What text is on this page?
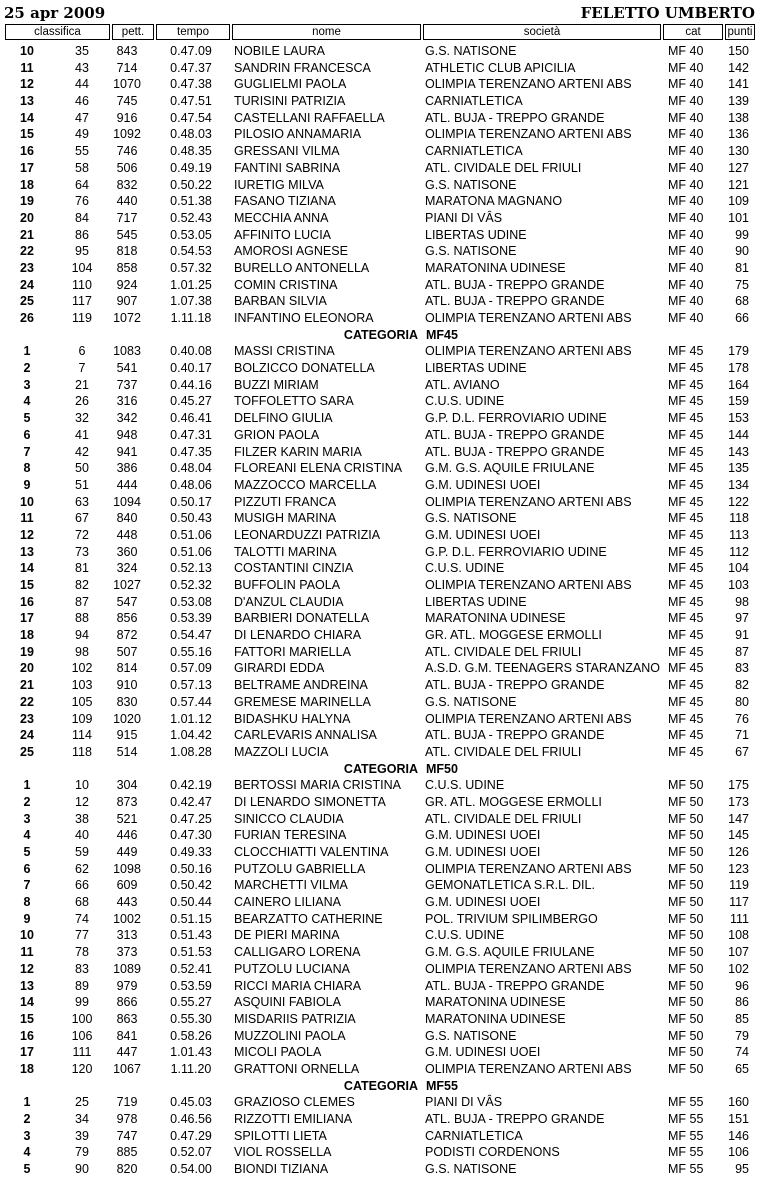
25 apr 2009	FELETTO UMBERTO
classifica	pett.	tempo	nome	società	cat	punti
10	35	843	0.47.09	NOBILE LAURA	G.S. NATISONE	MF 40	150
11	43	714	0.47.37	SANDRIN FRANCESCA	ATHLETIC CLUB APICILIA	MF 40	142
12	44	1070	0.47.38	GUGLIELMI PAOLA	OLIMPIA TERENZANO ARTENI ABS	MF 40	141
13	46	745	0.47.51	TURISINI PATRIZIA	CARNIATLETICA	MF 40	139
14	47	916	0.47.54	CASTELLANI RAFFAELLA	ATL. BUJA - TREPPO GRANDE	MF 40	138
15	49	1092	0.48.03	PILOSIO ANNAMARIA	OLIMPIA TERENZANO ARTENI ABS	MF 40	136
16	55	746	0.48.35	GRESSANI VILMA	CARNIATLETICA	MF 40	130
17	58	506	0.49.19	FANTINI SABRINA	ATL. CIVIDALE DEL FRIULI	MF 40	127
18	64	832	0.50.22	IURETIG MILVA	G.S. NATISONE	MF 40	121
19	76	440	0.51.38	FASANO TIZIANA	MARATONA MAGNANO	MF 40	109
20	84	717	0.52.43	MECCHIA ANNA	PIANI DI VÂS	MF 40	101
21	86	545	0.53.05	AFFINITO LUCIA	LIBERTAS UDINE	MF 40	99
22	95	818	0.54.53	AMOROSI AGNESE	G.S. NATISONE	MF 40	90
23	104	858	0.57.32	BURELLO ANTONELLA	MARATONINA UDINESE	MF 40	81
24	110	924	1.01.25	COMIN CRISTINA	ATL. BUJA - TREPPO GRANDE	MF 40	75
25	117	907	1.07.38	BARBAN SILVIA	ATL. BUJA - TREPPO GRANDE	MF 40	68
26	119	1072	1.11.18	INFANTINO ELEONORA	OLIMPIA TERENZANO ARTENI ABS	MF 40	66
CATEGORIA MF45
1	6	1083	0.40.08	MASSI CRISTINA	OLIMPIA TERENZANO ARTENI ABS	MF 45	179
2	7	541	0.40.17	BOLZICCO DONATELLA	LIBERTAS UDINE	MF 45	178
3	21	737	0.44.16	BUZZI MIRIAM	ATL. AVIANO	MF 45	164
4	26	316	0.45.27	TOFFOLETTO SARA	C.U.S. UDINE	MF 45	159
5	32	342	0.46.41	DELFINO GIULIA	G.P. D.L. FERROVIARIO UDINE	MF 45	153
6	41	948	0.47.31	GRION PAOLA	ATL. BUJA - TREPPO GRANDE	MF 45	144
7	42	941	0.47.35	FILZER KARIN MARIA	ATL. BUJA - TREPPO GRANDE	MF 45	143
8	50	386	0.48.04	FLOREANI ELENA CRISTINA	G.M. G.S. AQUILE FRIULANE	MF 45	135
9	51	444	0.48.06	MAZZOCCO MARCELLA	G.M. UDINESI UOEI	MF 45	134
10	63	1094	0.50.17	PIZZUTI FRANCA	OLIMPIA TERENZANO ARTENI ABS	MF 45	122
11	67	840	0.50.43	MUSIGH MARINA	G.S. NATISONE	MF 45	118
12	72	448	0.51.06	LEONARDUZZI PATRIZIA	G.M. UDINESI UOEI	MF 45	113
13	73	360	0.51.06	TALOTTI MARINA	G.P. D.L. FERROVIARIO UDINE	MF 45	112
14	81	324	0.52.13	COSTANTINI CINZIA	C.U.S. UDINE	MF 45	104
15	82	1027	0.52.32	BUFFOLIN PAOLA	OLIMPIA TERENZANO ARTENI ABS	MF 45	103
16	87	547	0.53.08	D'ANZUL CLAUDIA	LIBERTAS UDINE	MF 45	98
17	88	856	0.53.39	BARBIERI DONATELLA	MARATONINA UDINESE	MF 45	97
18	94	872	0.54.47	DI LENARDO CHIARA	GR. ATL. MOGGESE ERMOLLI	MF 45	91
19	98	507	0.55.16	FATTORI MARIELLA	ATL. CIVIDALE DEL FRIULI	MF 45	87
20	102	814	0.57.09	GIRARDI EDDA	A.S.D. G.M. TEENAGERS STARANZANO MF 45	83
21	103	910	0.57.13	BELTRAME ANDREINA	ATL. BUJA - TREPPO GRANDE	MF 45	82
22	105	830	0.57.44	GREMESE MARINELLA	G.S. NATISONE	MF 45	80
23	109	1020	1.01.12	BIDASHKU HALYNA	OLIMPIA TERENZANO ARTENI ABS	MF 45	76
24	114	915	1.04.42	CARLEVARIS ANNALISA	ATL. BUJA - TREPPO GRANDE	MF 45	71
25	118	514	1.08.28	MAZZOLI LUCIA	ATL. CIVIDALE DEL FRIULI	MF 45	67
CATEGORIA MF50
1	10	304	0.42.19	BERTOSSI MARIA CRISTINA	C.U.S. UDINE	MF 50	175
2	12	873	0.42.47	DI LENARDO SIMONETTA	GR. ATL. MOGGESE ERMOLLI	MF 50	173
3	38	521	0.47.25	SINICCO CLAUDIA	ATL. CIVIDALE DEL FRIULI	MF 50	147
4	40	446	0.47.30	FURIAN TERESINA	G.M. UDINESI UOEI	MF 50	145
5	59	449	0.49.33	CLOCCHIATTI VALENTINA	G.M. UDINESI UOEI	MF 50	126
6	62	1098	0.50.16	PUTZOLU GABRIELLA	OLIMPIA TERENZANO ARTENI ABS	MF 50	123
7	66	609	0.50.42	MARCHETTI VILMA	GEMONATLETICA S.R.L. DIL.	MF 50	119
8	68	443	0.50.44	CAINERO LILIANA	G.M. UDINESI UOEI	MF 50	117
9	74	1002	0.51.15	BEARZATTO CATHERINE	POL. TRIVIUM SPILIMBERGO	MF 50	111
10	77	313	0.51.43	DE PIERI MARINA	C.U.S. UDINE	MF 50	108
11	78	373	0.51.53	CALLIGARO LORENA	G.M. G.S. AQUILE FRIULANE	MF 50	107
12	83	1089	0.52.41	PUTZOLU LUCIANA	OLIMPIA TERENZANO ARTENI ABS	MF 50	102
13	89	979	0.53.59	RICCI MARIA CHIARA	ATL. BUJA - TREPPO GRANDE	MF 50	96
14	99	866	0.55.27	ASQUINI FABIOLA	MARATONINA UDINESE	MF 50	86
15	100	863	0.55.30	MISDARIIS PATRIZIA	MARATONINA UDINESE	MF 50	85
16	106	841	0.58.26	MUZZOLINI PAOLA	G.S. NATISONE	MF 50	79
17	111	447	1.01.43	MICOLI PAOLA	G.M. UDINESI UOEI	MF 50	74
18	120	1067	1.11.20	GRATTONI ORNELLA	OLIMPIA TERENZANO ARTENI ABS	MF 50	65
CATEGORIA MF55
1	25	719	0.45.03	GRAZIOSO CLEMES	PIANI DI VÂS	MF 55	160
2	34	978	0.46.56	RIZZOTTI EMILIANA	ATL. BUJA - TREPPO GRANDE	MF 55	151
3	39	747	0.47.29	SPILOTTI LIETA	CARNIATLETICA	MF 55	146
4	79	885	0.52.07	VIOL ROSSELLA	PODISTI CORDENONS	MF 55	106
5	90	820	0.54.00	BIONDI TIZIANA	G.S. NATISONE	MF 55	95
